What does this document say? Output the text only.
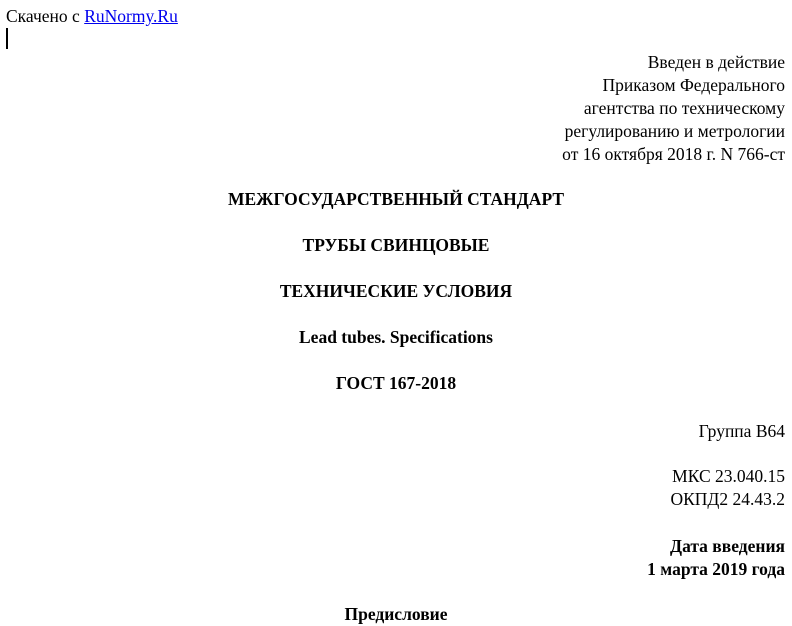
Скачено с RuNormy.Ru
Введен в действие
Приказом Федерального
агентства по техническому
регулированию и метрологии
от 16 октября 2018 г. N 766-ст
МЕЖГОСУДАРСТВЕННЫЙ СТАНДАРТ
ТРУБЫ СВИНЦОВЫЕ
ТЕХНИЧЕСКИЕ УСЛОВИЯ
Lead tubes. Specifications
ГОСТ 167-2018
Группа В64
МКС 23.040.15
ОКПД2 24.43.2
Дата введения
1 марта 2019 года
Предисловие
